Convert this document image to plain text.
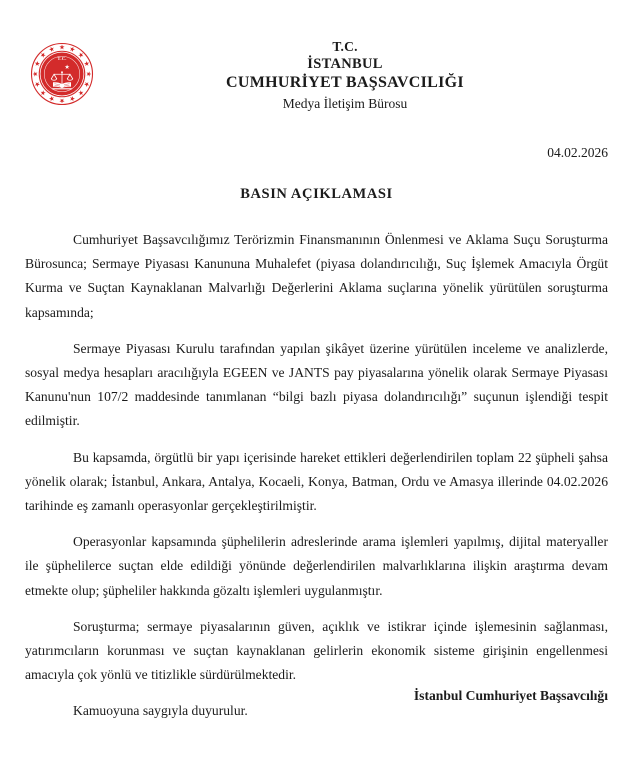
T.C.
T.C.
İSTANBUL
CUMHURİYET BAŞSAVCILIĞI
Medya İletişim Bürosu
04.02.2026
BASIN AÇIKLAMASI

Cumhuriyet Başsavcılığımız Terörizmin Finansmanının Önlenmesi ve Aklama Suçu Soruşturma Bürosunca; Sermaye Piyasası Kanununa Muhalefet (piyasa dolandırıcılığı, Suç İşlemek Amacıyla Örgüt Kurma ve Suçtan Kaynaklanan Malvarlığı Değerlerini Aklama suçlarına yönelik yürütülen soruşturma kapsamında;

Sermaye Piyasası Kurulu tarafından yapılan şikâyet üzerine yürütülen inceleme ve analizlerde, sosyal medya hesapları aracılığıyla EGEEN ve JANTS pay piyasalarına yönelik olarak Sermaye Piyasası Kanunu'nun 107/2 maddesinde tanımlanan “bilgi bazlı piyasa dolandırıcılığı” suçunun işlendiği tespit edilmiştir.

Bu kapsamda, örgütlü bir yapı içerisinde hareket ettikleri değerlendirilen toplam 22 şüpheli şahsa yönelik olarak; İstanbul, Ankara, Antalya, Kocaeli, Konya, Batman, Ordu ve Amasya illerinde 04.02.2026 tarihinde eş zamanlı operasyonlar gerçekleştirilmiştir.

Operasyonlar kapsamında şüphelilerin adreslerinde arama işlemleri yapılmış, dijital materyaller ile şüphelilerce suçtan elde edildiği yönünde değerlendirilen malvarlıklarına ilişkin araştırma devam etmekte olup; şüpheliler hakkında gözaltı işlemleri uygulanmıştır.

Soruşturma; sermaye piyasalarının güven, açıklık ve istikrar içinde işlemesinin sağlanması, yatırımcıların korunması ve suçtan kaynaklanan gelirlerin ekonomik sisteme girişinin engellenmesi amacıyla çok yönlü ve titizlikle sürdürülmektedir.

Kamuoyuna saygıyla duyurulur.

İstanbul Cumhuriyet Başsavcılığı
